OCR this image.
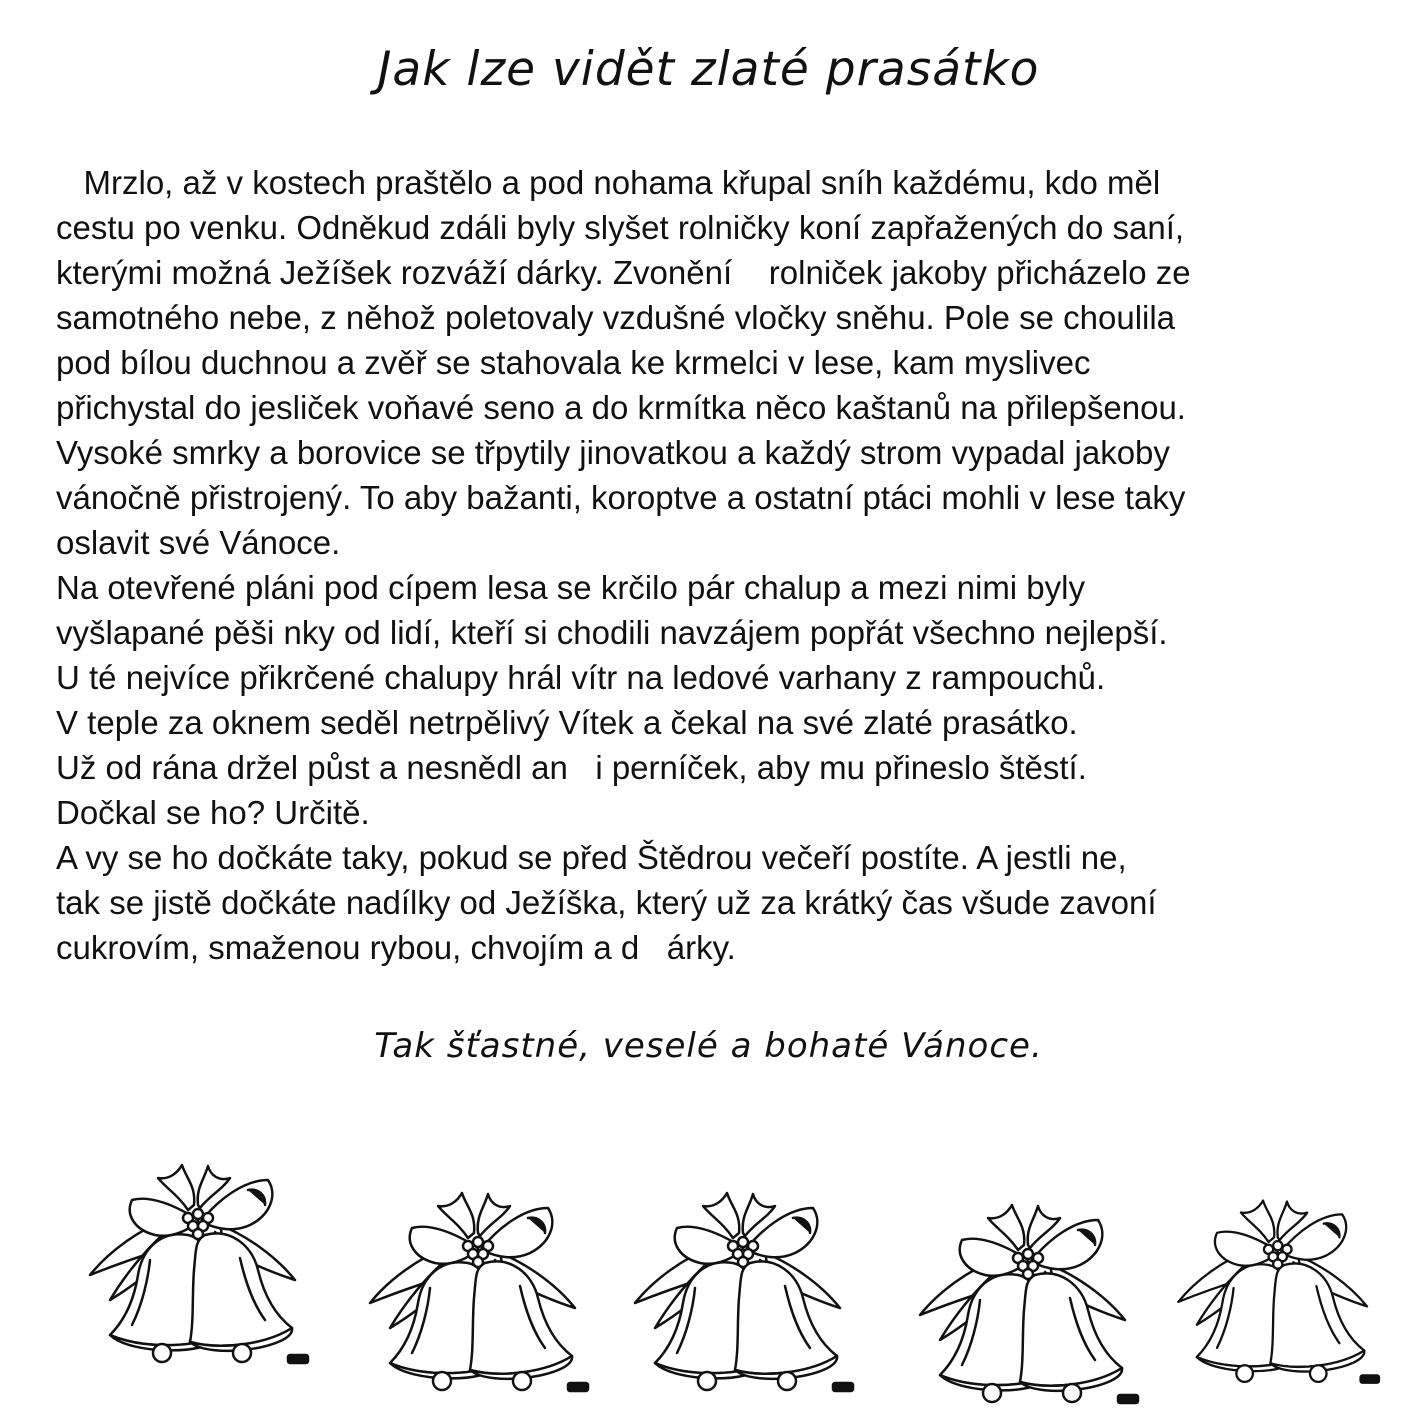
Jak lze vidět zlaté prasátko
Mrzlo, až v kostech praštělo a pod nohama křupal sníh každému, kdo měl
cestu po venku. Odněkud zdáli byly slyšet rolničky koní zapřažených do saní,
kterými možná Ježíšek rozváží dárky. Zvonění    rolniček jakoby přicházelo ze
samotného nebe, z něhož poletovaly vzdušné vločky sněhu. Pole se choulila
pod bílou duchnou a zvěř se stahovala ke krmelci v lese, kam myslivec
přichystal do jesliček voňavé seno a do krmítka něco kaštanů na přilepšenou.
Vysoké smrky a borovice se třpytily jinovatkou a každý strom vypadal jakoby
vánočně přistrojený. To aby bažanti, koroptve a ostatní ptáci mohli v lese taky
oslavit své Vánoce.
Na otevřené pláni pod cípem lesa se krčilo pár chalup a mezi nimi byly
vyšlapané pěši nky od lidí, kteří si chodili navzájem popřát všechno nejlepší.
U té nejvíce přikrčené chalupy hrál vítr na ledové varhany z rampouchů.
V teple za oknem seděl netrpělivý Vítek a čekal na své zlaté prasátko.
Už od rána držel půst a nesnědl an   i perníček, aby mu přineslo štěstí.
Dočkal se ho? Určitě.
A vy se ho dočkáte taky, pokud se před Štědrou večeří postíte. A jestli ne,
tak se jistě dočkáte nadílky od Ježíška, který už za krátký čas všude zavoní
cukrovím, smaženou rybou, chvojím a d   árky.
Tak šťastné, veselé a bohaté Vánoce.
